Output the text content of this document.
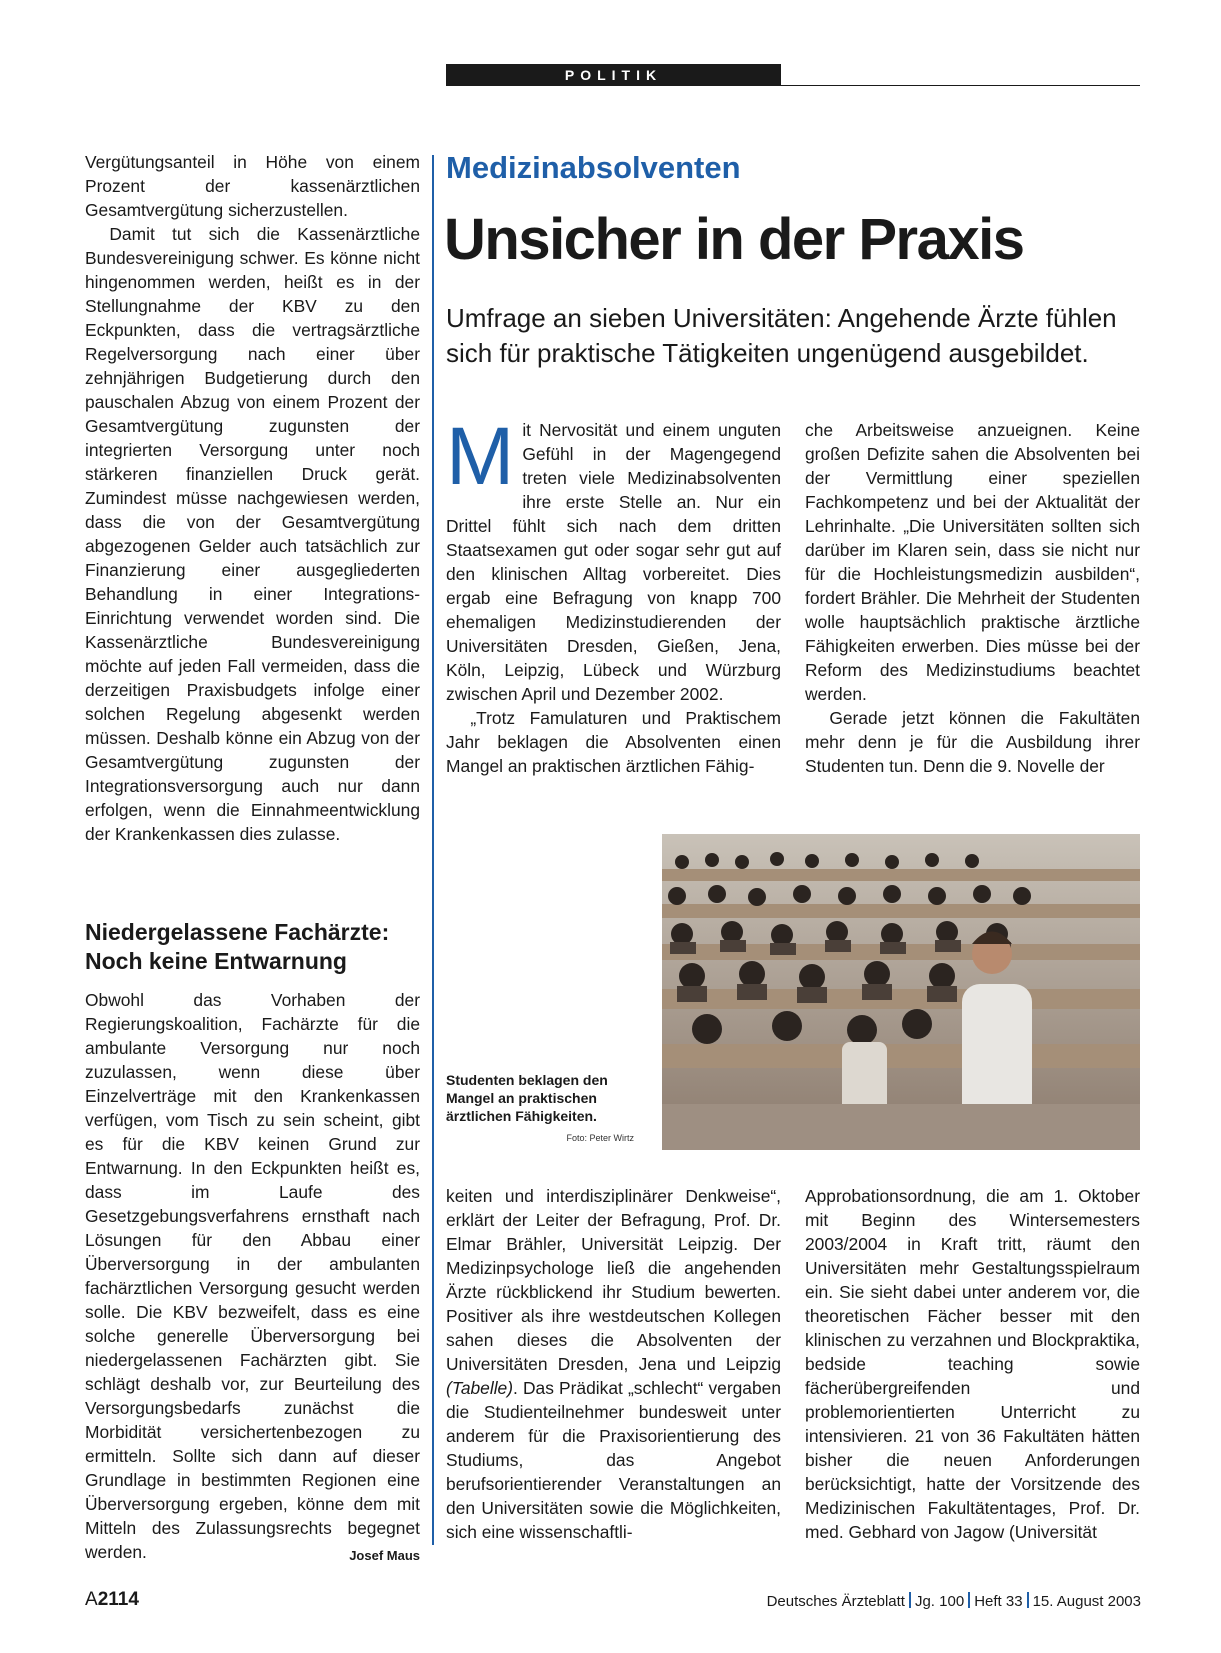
POLITIK

Vergütungsanteil in Höhe von einem Prozent der kassenärztlichen Gesamtvergütung sicherzustellen.

Damit tut sich die Kassenärztliche Bundesvereinigung schwer. Es könne nicht hingenommen werden, heißt es in der Stellungnahme der KBV zu den Eckpunkten, dass die vertragsärztliche Regelversorgung nach einer über zehnjährigen Budgetierung durch den pauschalen Abzug von einem Prozent der Gesamtvergütung zugunsten der integrierten Versorgung unter noch stärkeren finanziellen Druck gerät. Zumindest müsse nachgewiesen werden, dass die von der Gesamtvergütung abgezogenen Gelder auch tatsächlich zur Finanzierung einer ausgegliederten Behandlung in einer Integrations-Einrichtung verwendet worden sind. Die Kassenärztliche Bundesvereinigung möchte auf jeden Fall vermeiden, dass die derzeitigen Praxisbudgets infolge einer solchen Regelung abgesenkt werden müssen. Deshalb könne ein Abzug von der Gesamtvergütung zugunsten der Integrationsversorgung auch nur dann erfolgen, wenn die Einnahmeentwicklung der Krankenkassen dies zulasse.

Niedergelassene Fachärzte: Noch keine Entwarnung

Obwohl das Vorhaben der Regierungskoalition, Fachärzte für die ambulante Versorgung nur noch zuzulassen, wenn diese über Einzelverträge mit den Krankenkassen verfügen, vom Tisch zu sein scheint, gibt es für die KBV keinen Grund zur Entwarnung. In den Eckpunkten heißt es, dass im Laufe des Gesetzgebungsverfahrens ernsthaft nach Lösungen für den Abbau einer Überversorgung in der ambulanten fachärztlichen Versorgung gesucht werden solle. Die KBV bezweifelt, dass es eine solche generelle Überversorgung bei niedergelassenen Fachärzten gibt. Sie schlägt deshalb vor, zur Beurteilung des Versorgungsbedarfs zunächst die Morbidität versichertenbezogen zu ermitteln. Sollte sich dann auf dieser Grundlage in bestimmten Regionen eine Überversorgung ergeben, könne dem mit Mitteln des Zulassungsrechts begegnet werden.	Josef Maus

Medizinabsolventen
Unsicher in der Praxis
Umfrage an sieben Universitäten: Angehende Ärzte fühlen sich für praktische Tätigkeiten ungenügend ausgebildet.

Mit Nervosität und einem unguten Gefühl in der Magengegend treten viele Medizinabsolventen ihre erste Stelle an. Nur ein Drittel fühlt sich nach dem dritten Staatsexamen gut oder sogar sehr gut auf den klinischen Alltag vorbereitet. Dies ergab eine Befragung von knapp 700 ehemaligen Medizinstudierenden der Universitäten Dresden, Gießen, Jena, Köln, Leipzig, Lübeck und Würzburg zwischen April und Dezember 2002.

„Trotz Famulaturen und Praktischem Jahr beklagen die Absolventen einen Mangel an praktischen ärztlichen Fähig-

che Arbeitsweise anzueignen. Keine großen Defizite sahen die Absolventen bei der Vermittlung einer speziellen Fachkompetenz und bei der Aktualität der Lehrinhalte. „Die Universitäten sollten sich darüber im Klaren sein, dass sie nicht nur für die Hochleistungsmedizin ausbilden“, fordert Brähler. Die Mehrheit der Studenten wolle hauptsächlich praktische ärztliche Fähigkeiten erwerben. Dies müsse bei der Reform des Medizinstudiums beachtet werden.

Gerade jetzt können die Fakultäten mehr denn je für die Ausbildung ihrer Studenten tun. Denn die 9. Novelle der

Studenten beklagen den Mangel an praktischen ärztlichen Fähigkeiten.
Foto: Peter Wirtz

keiten und interdisziplinärer Denkweise“, erklärt der Leiter der Befragung, Prof. Dr. Elmar Brähler, Universität Leipzig. Der Medizinpsychologe ließ die angehenden Ärzte rückblickend ihr Studium bewerten. Positiver als ihre westdeutschen Kollegen sahen dieses die Absolventen der Universitäten Dresden, Jena und Leipzig (Tabelle). Das Prädikat „schlecht“ vergaben die Studienteilnehmer bundesweit unter anderem für die Praxisorientierung des Studiums, das Angebot berufsorientierender Veranstaltungen an den Universitäten sowie die Möglichkeiten, sich eine wissenschaftli-

Approbationsordnung, die am 1. Oktober mit Beginn des Wintersemesters 2003/2004 in Kraft tritt, räumt den Universitäten mehr Gestaltungsspielraum ein. Sie sieht dabei unter anderem vor, die theoretischen Fächer besser mit den klinischen zu verzahnen und Blockpraktika, bedside teaching sowie fächerübergreifenden und problemorientierten Unterricht zu intensivieren. 21 von 36 Fakultäten hätten bisher die neuen Anforderungen berücksichtigt, hatte der Vorsitzende des Medizinischen Fakultätentages, Prof. Dr. med. Gebhard von Jagow (Universität

A2114	Deutsches Ärzteblatt Jg. 100 Heft 33 15. August 2003
